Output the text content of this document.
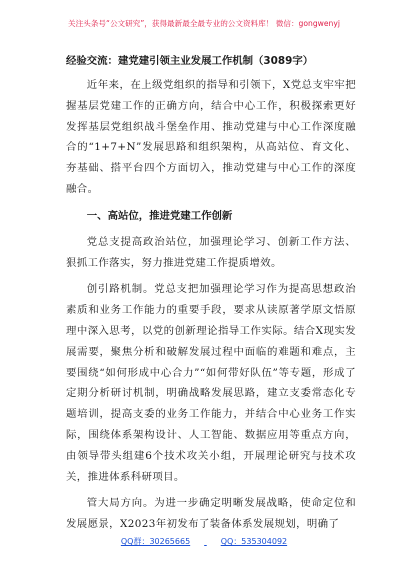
关注头条号“公文研究”，获得最新最全最专业的公文资料库！ 微信：gongwenyj
经验交流：建党建引领主业发展工作机制（3089字）

近年来，在上级党组织的指导和引领下，X党总支牢牢把握基层党建工作的正确方向，结合中心工作，积极探索更好发挥基层党组织战斗堡垒作用、推动党建与中心工作深度融合的“1+7+N”发展思路和组织架构，从高站位、育文化、夯基础、搭平台四个方面切入，推动党建与中心工作的深度融合。

一、高站位，推进党建工作创新

党总支提高政治站位，加强理论学习、创新工作方法、狠抓工作落实，努力推进党建工作提质增效。

创引路机制。党总支把加强理论学习作为提高思想政治素质和业务工作能力的重要手段，要求从读原著学原文悟原理中深入思考，以党的创新理论指导工作实际。结合X现实发展需要，聚焦分析和破解发展过程中面临的难题和难点，主要围绕“如何形成中心合力”“如何带好队伍”等专题，形成了定期分析研讨机制，明确战略发展思路，建立支委常态化专题培训，提高支委的业务工作能力，并结合中心业务工作实际，围绕体系架构设计、人工智能、数据应用等重点方向，由领导带头组建6个技术攻关小组，开展理论研究与技术攻关，推进体系科研项目。

管大局方向。为进一步确定明晰发展战略，使命定位和发展愿景，X2023年初发布了装备体系发展规划，明确了

QQ群：30265665	QQ：535304092
